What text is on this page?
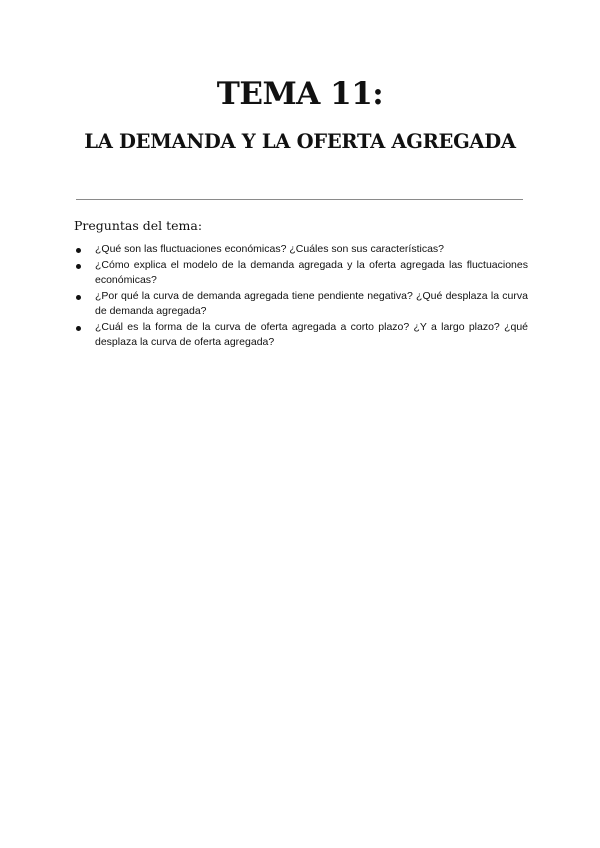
TEMA 11:
LA DEMANDA Y LA OFERTA AGREGADA

Preguntas del tema:

¿Qué son las fluctuaciones económicas? ¿Cuáles son sus características?
¿Cómo explica el modelo de la demanda agregada y la oferta agregada las fluctuaciones económicas?
¿Por qué la curva de demanda agregada tiene pendiente negativa? ¿Qué desplaza la curva de demanda agregada?
¿Cuál es la forma de la curva de oferta agregada a corto plazo? ¿Y a largo plazo? ¿qué desplaza la curva de oferta agregada?
